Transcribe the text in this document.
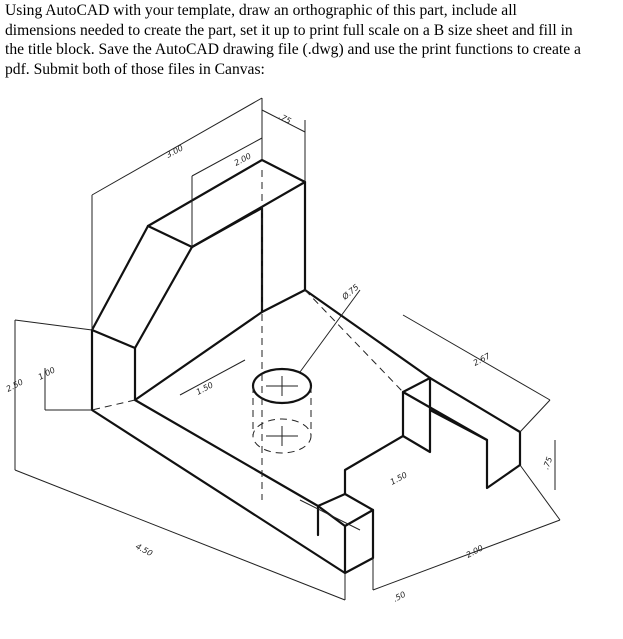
Using AutoCAD with your template, draw an orthographic of this part, include all
dimensions needed to create the part, set it up to print full scale on a B size sheet and fill in
the title block. Save the AutoCAD drawing file (.dwg) and use the print functions to create a
pdf. Submit both of those files in Canvas:
3.00	2.00
.75
Ø.75
2.50
1.00
1.50
2.67
4.50
1.50
.75
.50
2.00
